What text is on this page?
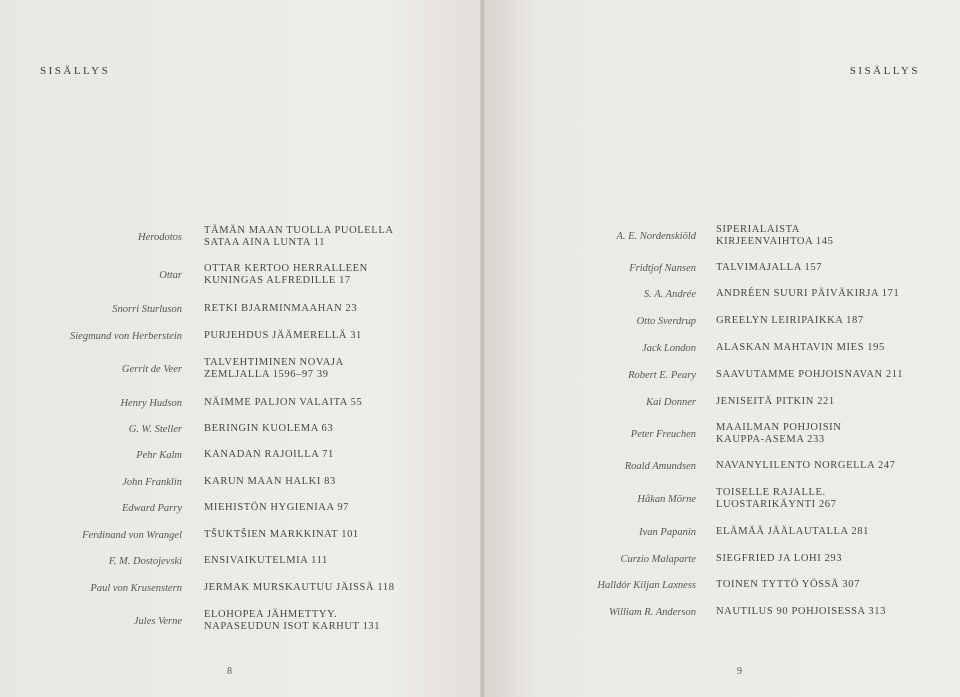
SISÄLLYS
Herodotos
TÄMÄN MAAN TUOLLA PUOLELLA
SATAA AINA LUNTA 11
Ottar
OTTAR KERTOO HERRALLEEN
KUNINGAS ALFREDILLE 17
Snorri Sturluson RETKI BJARMINMAAHAN 23
Siegmund von Herberstein PURJEHDUS JÄÄMERELLÄ 31
Gerrit de Veer
TALVEHTIMINEN NOVAJA
ZEMLJALLA 1596–97 39
Henry Hudson NÄIMME PALJON VALAITA 55
G. W. Steller BERINGIN KUOLEMA 63
Pehr Kalm KANADAN RAJOILLA 71
John Franklin KARUN MAAN HALKI 83
Edward Parry MIEHISTÖN HYGIENIAA 97
Ferdinand von Wrangel TŠUKTŠIEN MARKKINAT 101
F. M. Dostojevski ENSIVAIKUTELMIA 111
Paul von Krusenstern JERMAK MURSKAUTUU JÄISSÄ 118
Jules Verne
ELOHOPEA JÄHMETTYY.
NAPASEUDUN ISOT KARHUT 131
8
SISÄLLYS
A. E. Nordenskiöld
SIPERIALAISTA
KIRJEENVAIHTOA 145
Fridtjof Nansen TALVIMAJALLA 157
S. A. Andrée ANDRÉEN SUURI PÄIVÄKIRJA 171
Otto Sverdrup GREELYN LEIRIPAIKKA 187
Jack London ALASKAN MAHTAVIN MIES 195
Robert E. Peary SAAVUTAMME POHJOISNAVAN 211
Kai Donner JENISEITÄ PITKIN 221
Peter Freuchen
MAAILMAN POHJOISIN
KAUPPA-ASEMA 233
Roald Amundsen NAVANYLILENTO NORGELLA 247
Håkan Mörne
TOISELLE RAJALLE.
LUOSTARIKÄYNTI 267
Ivan Papanin ELÄMÄÄ JÄÄLAUTALLA 281
Curzio Malaparte SIEGFRIED JA LOHI 293
Halldór Kiljan Laxness TOINEN TYTTÖ YÖSSÄ 307
William R. Anderson NAUTILUS 90 POHJOISESSA 313
9
